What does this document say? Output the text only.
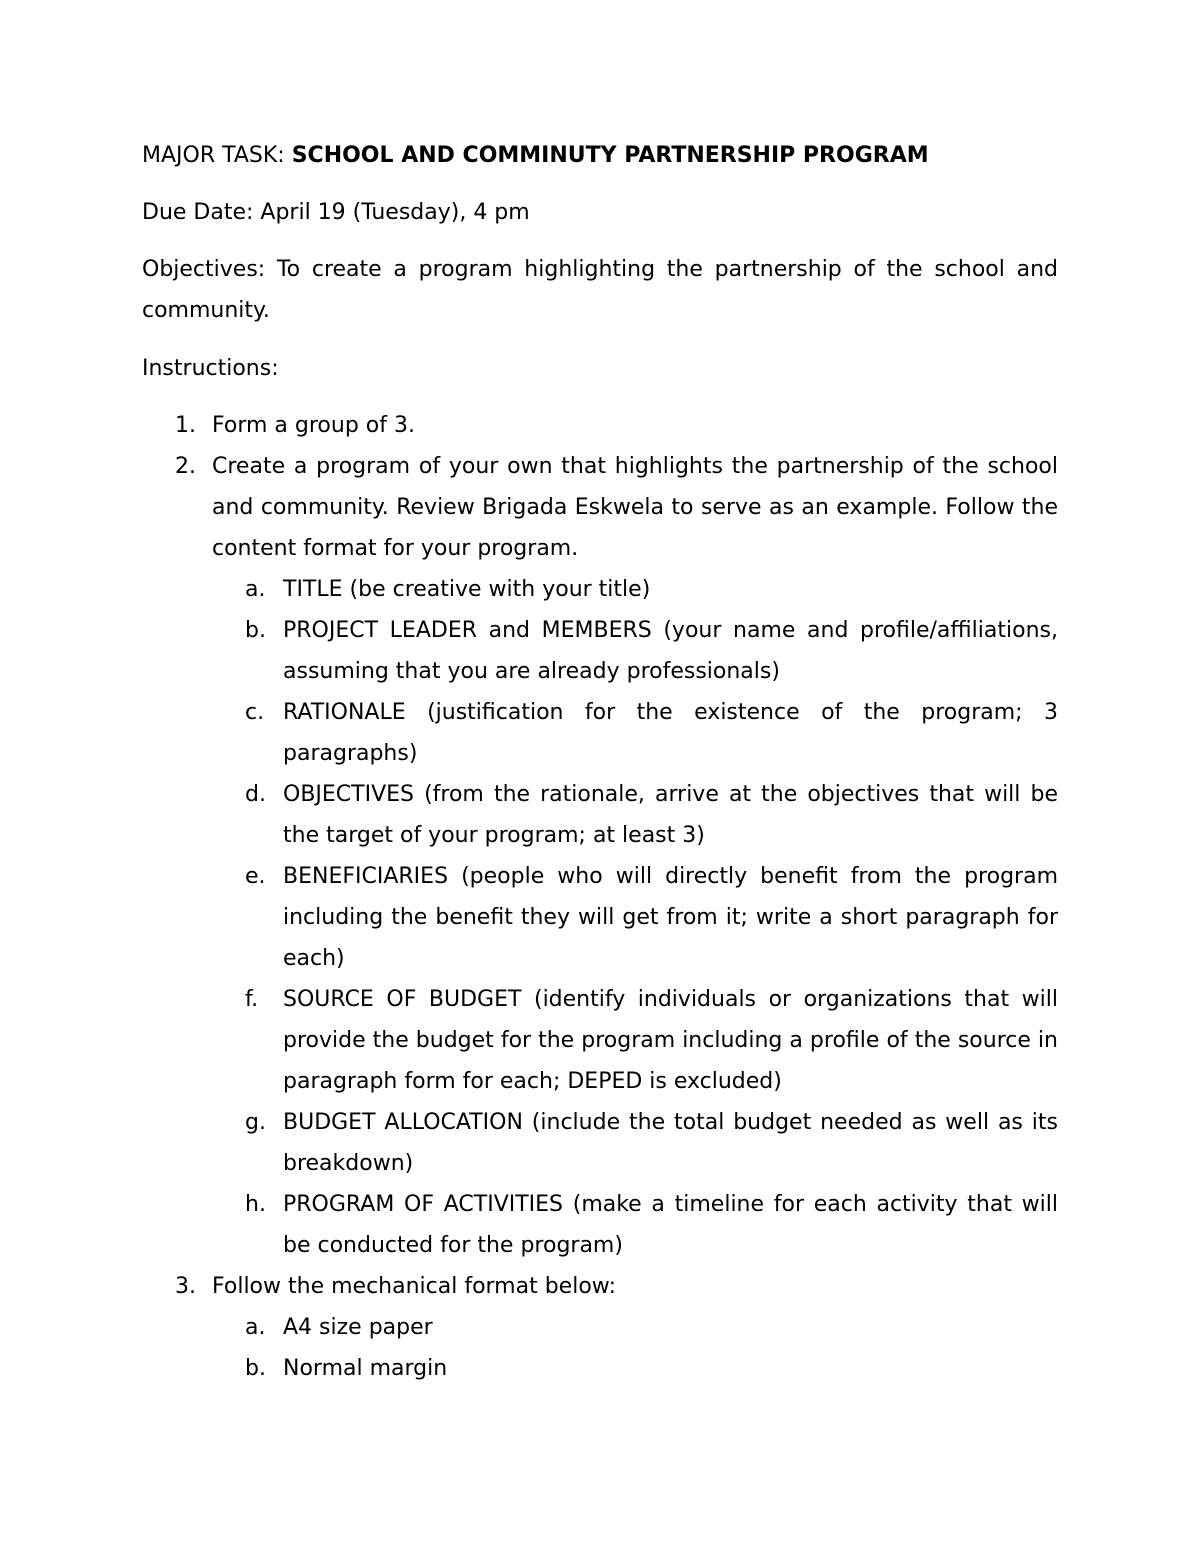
MAJOR TASK: SCHOOL AND COMMINUTY PARTNERSHIP PROGRAM

Due Date: April 19 (Tuesday), 4 pm

Objectives: To create a program highlighting the partnership of the school and community.

Instructions:

1. Form a group of 3.
2. Create a program of your own that highlights the partnership of the school and community. Review Brigada Eskwela to serve as an example. Follow the content format for your program.
a. TITLE (be creative with your title)
b. PROJECT LEADER and MEMBERS (your name and profile/affiliations, assuming that you are already professionals)
c. RATIONALE (justification for the existence of the program; 3 paragraphs)
d. OBJECTIVES (from the rationale, arrive at the objectives that will be the target of your program; at least 3)
e. BENEFICIARIES (people who will directly benefit from the program including the benefit they will get from it; write a short paragraph for each)
f. SOURCE OF BUDGET (identify individuals or organizations that will provide the budget for the program including a profile of the source in paragraph form for each; DEPED is excluded)
g. BUDGET ALLOCATION (include the total budget needed as well as its breakdown)
h. PROGRAM OF ACTIVITIES (make a timeline for each activity that will be conducted for the program)
3. Follow the mechanical format below:
a. A4 size paper
b. Normal margin
